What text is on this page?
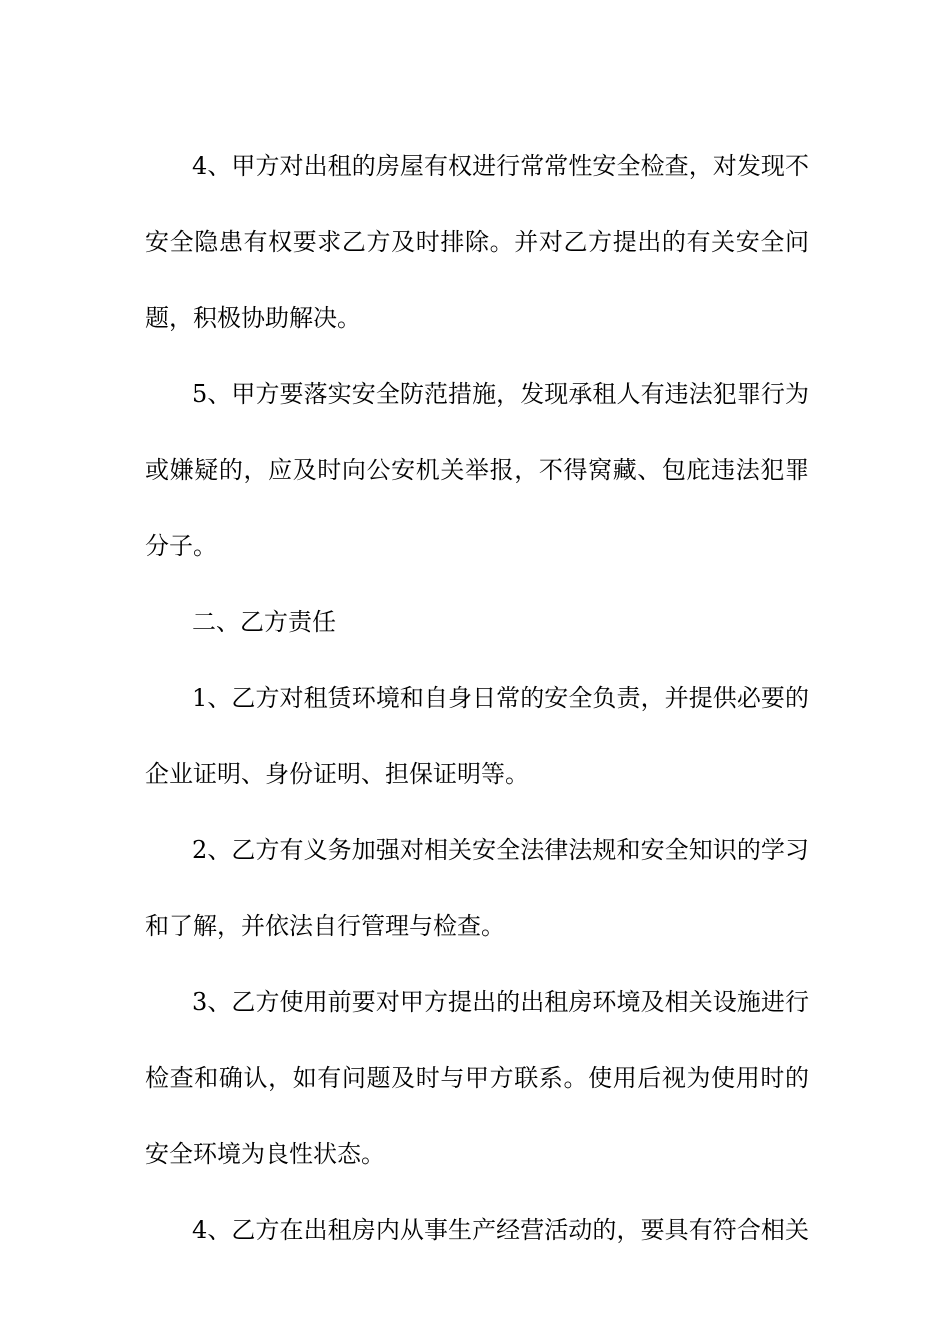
4、甲方对出租的房屋有权进行常常性安全检查，对发现不
安全隐患有权要求乙方及时排除。并对乙方提出的有关安全问
题，积极协助解决。
5、甲方要落实安全防范措施，发现承租人有违法犯罪行为
或嫌疑的，应及时向公安机关举报，不得窝藏、包庇违法犯罪
分子。
二、乙方责任
1、乙方对租赁环境和自身日常的安全负责，并提供必要的
企业证明、身份证明、担保证明等。
2、乙方有义务加强对相关安全法律法规和安全知识的学习
和了解，并依法自行管理与检查。
3、乙方使用前要对甲方提出的出租房环境及相关设施进行
检查和确认，如有问题及时与甲方联系。使用后视为使用时的
安全环境为良性状态。
4、乙方在出租房内从事生产经营活动的，要具有符合相关
